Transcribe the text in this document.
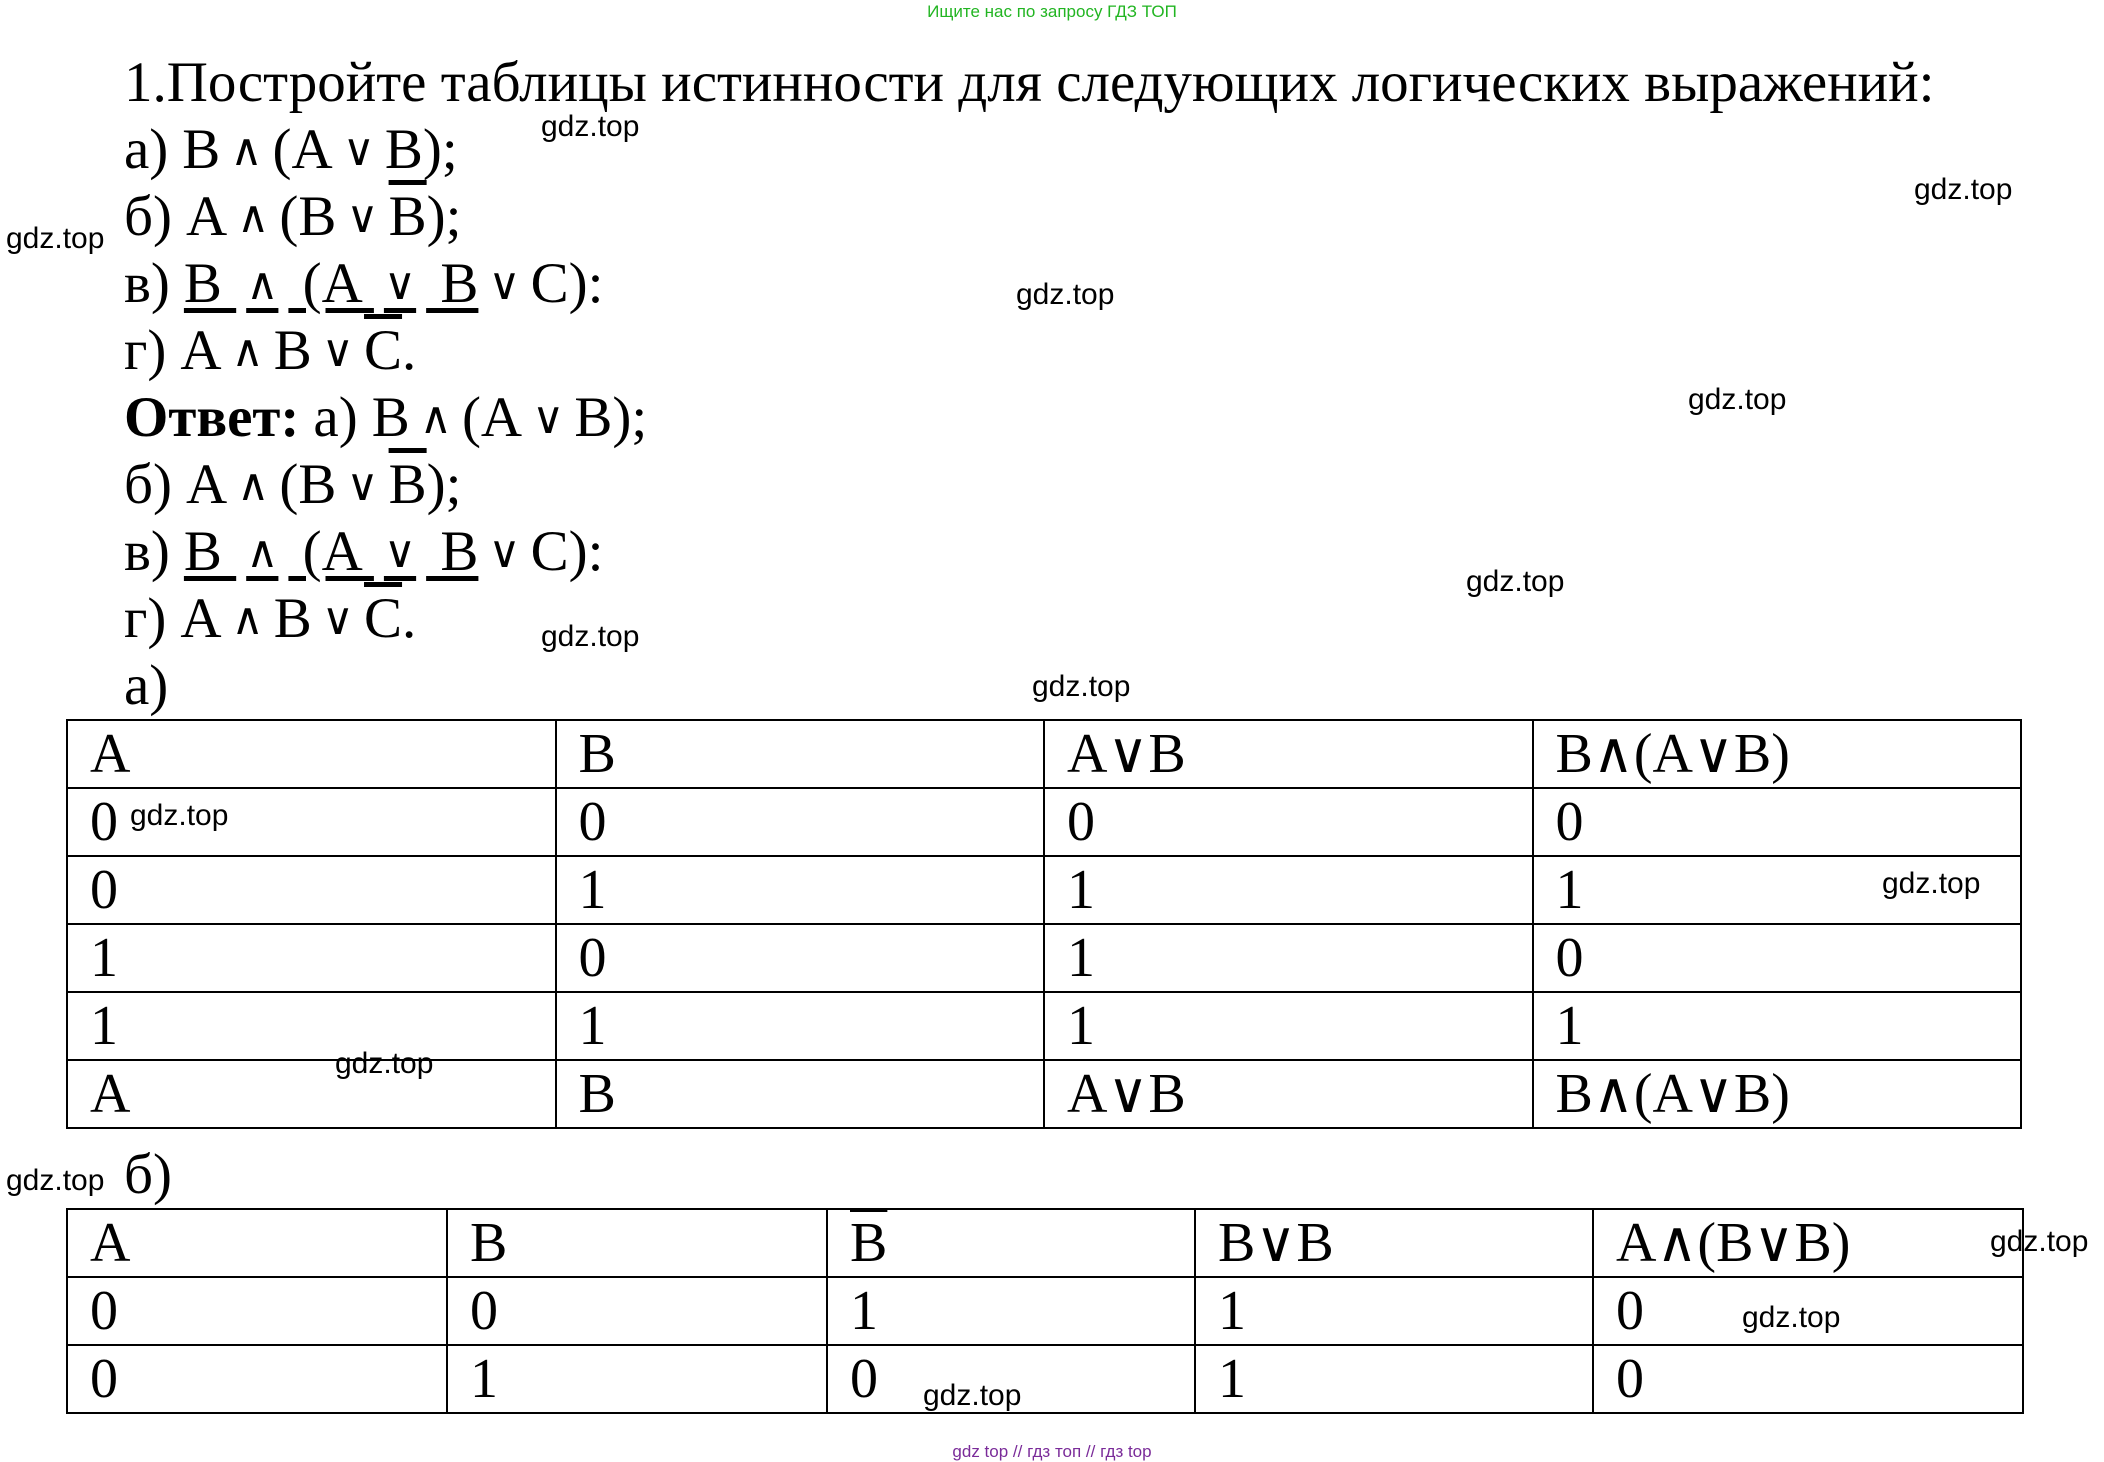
Ищите нас по запросу ГДЗ ТОП
1.Постройте таблицы истинности для следующих логических выражений:
а) B ∧ (A ∨ B);
б) A ∧ (B ∨ $\overline{B}$);
в) B ∧ (A ∨ B ∨ C):
г) A ∧ B ∨ $\overline{C}$.
Ответ: а) B ∧ (A ∨ B);
б) A ∧ (B ∨ $\overline{B}$);
в) B ∧ (A ∨ B ∨ C):
г) A ∧ B ∨ $\overline{C}$.
а)
A	B	A∨B	B∧(A∨B)
0	0	0	0
0	1	1	1
1	0	1	0
1	1	1	1
A	B	A∨B	B∧(A∨B)
б)
A	B	$\overline{B}$	B∨B	A∧(B∨B)
0	0	1	1	0
0	1	0	1	0
gdz.top
gdz.top
gdz.top
gdz.top
gdz.top
gdz.top
gdz.top
gdz.top
gdz.top
gdz.top
gdz.top
gdz.top
gdz.top
gdz.top
gdz.top
gdz top // гдз топ // гдз top
